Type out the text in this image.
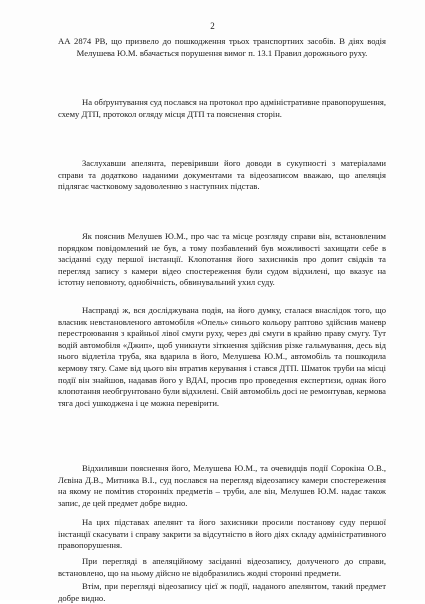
2

АА 2874 РВ, що призвело до пошкодження трьох транспортних засобів. В діях водія Мелушева Ю.М. вбачається порушення вимог п. 13.1 Правил дорожнього руху.

На обґрунтування суд послався на протокол про адміністративне правопорушення, схему ДТП, протокол огляду місця ДТП та пояснення сторін.

Заслухавши апелянта, перевіривши його доводи в сукупності з матеріалами справи та додатково наданими документами та відеозаписом вважаю, що апеляція підлягає частковому задоволенню з наступних підстав.

Як пояснив Мелушев Ю.М., про час та місце розгляду справи він, встановленим порядком повідомлений не був, а тому позбавлений був можливості захищати себе в засіданні суду першої інстанції. Клопотання його захисників про допит свідків та перегляд запису з камери відео спостереження були судом відхилені, що вказує на істотну неповноту, однобічність, обвинувальний ухил суду.

Насправді ж, вся досліджувана подія, на його думку, сталася внаслідок того, що власник невстановленого автомобіля «Опель» синього кольору раптово здійснив маневр перестроювання з крайньої лівої смуги руху, через дві смуги в крайню праву смугу. Тут водій автомобіля «Джип», щоб уникнути зіткнення здійснив різке гальмування, десь від нього відлетіла труба, яка вдарила в його, Мелушева Ю.М., автомобіль та пошкодила кермову тягу. Саме від цього він втратив керування і стався ДТП. Шматок труби на місці події він знайшов, надавав його у ВДАІ, просив про проведення експертизи, однак його клопотання необгрунтовано були відхилені. Свій автомобіль досі не ремонтував, кермова тяга досі ушкоджена і це можна перевірити.

Відхиливши пояснення його, Мелушева Ю.М., та очевидців події Сорокіна О.В., Лєвіна Д.В., Митника В.І., суд послався на перегляд відеозапису камери спостереження на якому не помітив сторонніх предметів – труби, але він, Мелушев Ю.М. надає також запис, де цей предмет добре видно.

На цих підставах апелянт та його захисники просили постанову суду першої інстанції скасувати і справу закрити за відсутністю в його діях складу адміністративного правопорушення.

При перегляді в апеляційному засіданні відеозапису, долученого до справи, встановлено, що на ньому дійсно не відобразились жодні сторонні предмети.

Втім, при перегляді відеозапису цієї ж події, наданого апелянтом, такий предмет добре видно.
